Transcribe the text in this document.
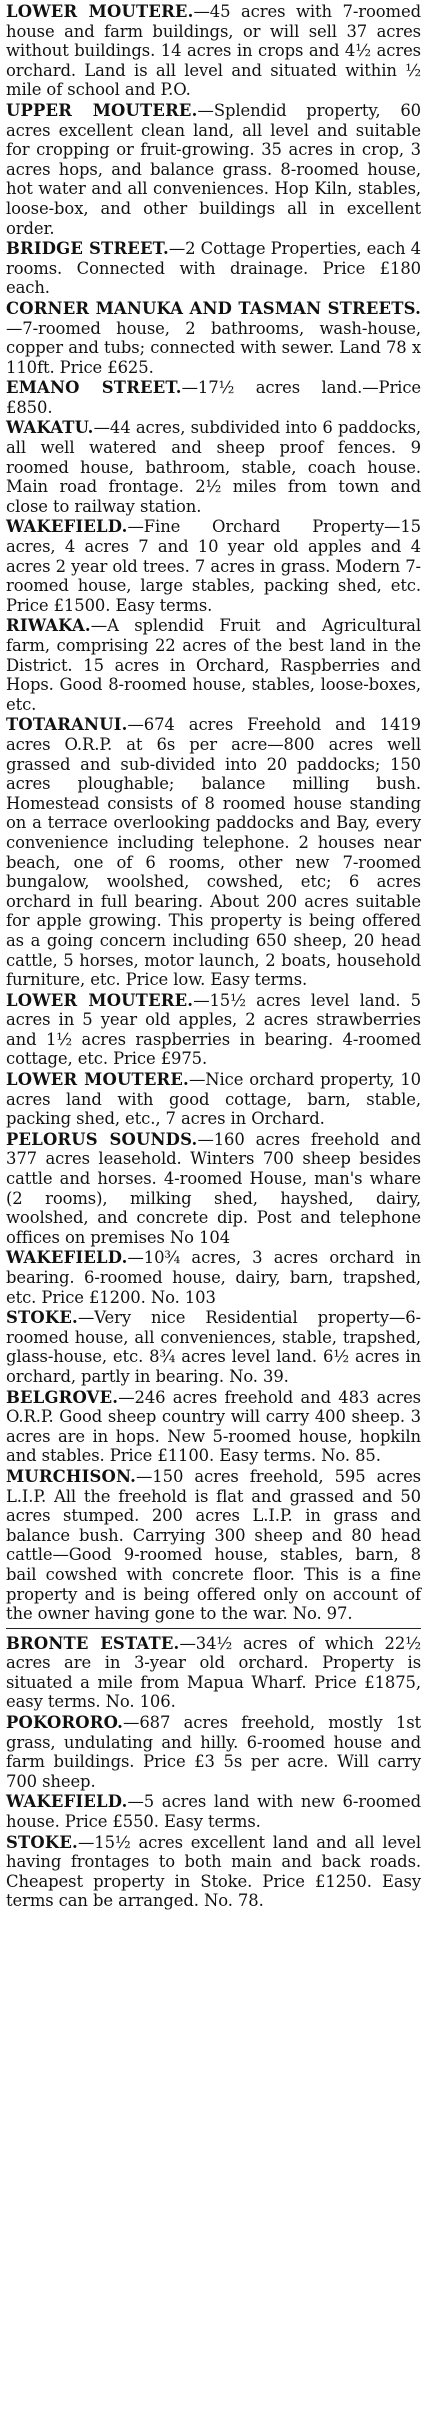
LOWER MOUTERE.—45 acres with 7-roomed house and farm buildings, or will sell 37 acres without buildings. 14 acres in crops and 4½ acres orchard. Land is all level and situated within ½ mile of school and P.O.

UPPER MOUTERE.—Splendid property, 60 acres excellent clean land, all level and suitable for cropping or fruit-growing. 35 acres in crop, 3 acres hops, and balance grass. 8-roomed house, hot water and all conveniences. Hop Kiln, stables, loose-box, and other buildings all in excellent order.

BRIDGE STREET.—2 Cottage Properties, each 4 rooms. Connected with drainage. Price £180 each.

CORNER MANUKA AND TASMAN STREETS.—7-roomed house, 2 bathrooms, wash-house, copper and tubs; connected with sewer. Land 78 x 110ft. Price £625.

EMANO STREET.—17½ acres land.—Price £850.

WAKATU.—44 acres, subdivided into 6 paddocks, all well watered and sheep proof fences. 9 roomed house, bathroom, stable, coach house. Main road frontage. 2½ miles from town and close to railway station.

WAKEFIELD.—Fine Orchard Property—15 acres, 4 acres 7 and 10 year old apples and 4 acres 2 year old trees. 7 acres in grass. Modern 7-roomed house, large stables, packing shed, etc. Price £1500. Easy terms.

RIWAKA.—A splendid Fruit and Agricultural farm, comprising 22 acres of the best land in the District. 15 acres in Orchard, Raspberries and Hops. Good 8-roomed house, stables, loose-boxes, etc.

TOTARANUI.—674 acres Freehold and 1419 acres O.R.P. at 6s per acre—800 acres well grassed and sub-divided into 20 paddocks; 150 acres ploughable; balance milling bush. Homestead consists of 8 roomed house standing on a terrace overlooking paddocks and Bay, every convenience including telephone. 2 houses near beach, one of 6 rooms, other new 7-roomed bungalow, woolshed, cowshed, etc; 6 acres orchard in full bearing. About 200 acres suitable for apple growing. This property is being offered as a going concern including 650 sheep, 20 head cattle, 5 horses, motor launch, 2 boats, household furniture, etc. Price low. Easy terms.

LOWER MOUTERE.—15½ acres level land. 5 acres in 5 year old apples, 2 acres strawberries and 1½ acres raspberries in bearing. 4-roomed cottage, etc. Price £975.

LOWER MOUTERE.—Nice orchard property, 10 acres land with good cottage, barn, stable, packing shed, etc., 7 acres in Orchard.

PELORUS SOUNDS.—160 acres freehold and 377 acres leasehold. Winters 700 sheep besides cattle and horses. 4-roomed House, man's whare (2 rooms), milking shed, hayshed, dairy, woolshed, and concrete dip. Post and telephone offices on premises No 104

WAKEFIELD.—10¾ acres, 3 acres orchard in bearing. 6-roomed house, dairy, barn, trapshed, etc. Price £1200. No. 103

STOKE.—Very nice Residential property—6-roomed house, all conveniences, stable, trapshed, glass-house, etc. 8¾ acres level land. 6½ acres in orchard, partly in bearing. No. 39.

BELGROVE.—246 acres freehold and 483 acres O.R.P. Good sheep country will carry 400 sheep. 3 acres are in hops. New 5-roomed house, hopkiln and stables. Price £1100. Easy terms. No. 85.

MURCHISON.—150 acres freehold, 595 acres L.I.P. All the freehold is flat and grassed and 50 acres stumped. 200 acres L.I.P. in grass and balance bush. Carrying 300 sheep and 80 head cattle—Good 9-roomed house, stables, barn, 8 bail cowshed with concrete floor. This is a fine property and is being offered only on account of the owner having gone to the war. No. 97.

BRONTE ESTATE.—34½ acres of which 22½ acres are in 3-year old orchard. Property is situated a mile from Mapua Wharf. Price £1875, easy terms. No. 106.

POKORORO.—687 acres freehold, mostly 1st grass, undulating and hilly. 6-roomed house and farm buildings. Price £3 5s per acre. Will carry 700 sheep.

WAKEFIELD.—5 acres land with new 6-roomed house. Price £550. Easy terms.

STOKE.—15½ acres excellent land and all level having frontages to both main and back roads. Cheapest property in Stoke. Price £1250. Easy terms can be arranged. No. 78.
